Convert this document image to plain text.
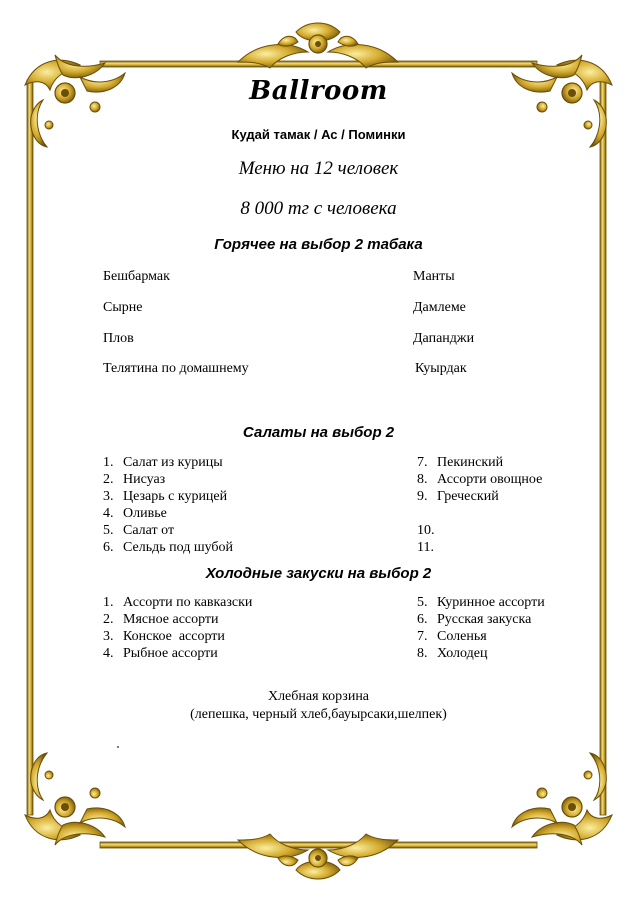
Ballroom
Кудай тамак / Ас / Поминки
Меню на 12 человек
8 000 тг с человека
Горячее на выбор 2 табака
Бешбармак
Сырне
Плов
Телятина по домашнему
Манты
Дамлеме
Дапанджи
Куырдак
Салаты на выбор 2
1. Салат из курицы
2. Нисуаз
3. Цезарь с курицей
4. Оливье
5. Салат от
6. Сельдь под шубой
7. Пекинский
8. Ассорти овощное
9. Греческий
10.
11.
Холодные закуски на выбор 2
1. Ассорти по кавказски
2. Мясное ассорти
3. Конское  ассорти
4. Рыбное ассорти
5. Куринное ассорти
6. Русская закуска
7. Соленья
8. Холодец
Хлебная корзина
(лепешка, черный хлеб,бауырсаки,шелпек)
